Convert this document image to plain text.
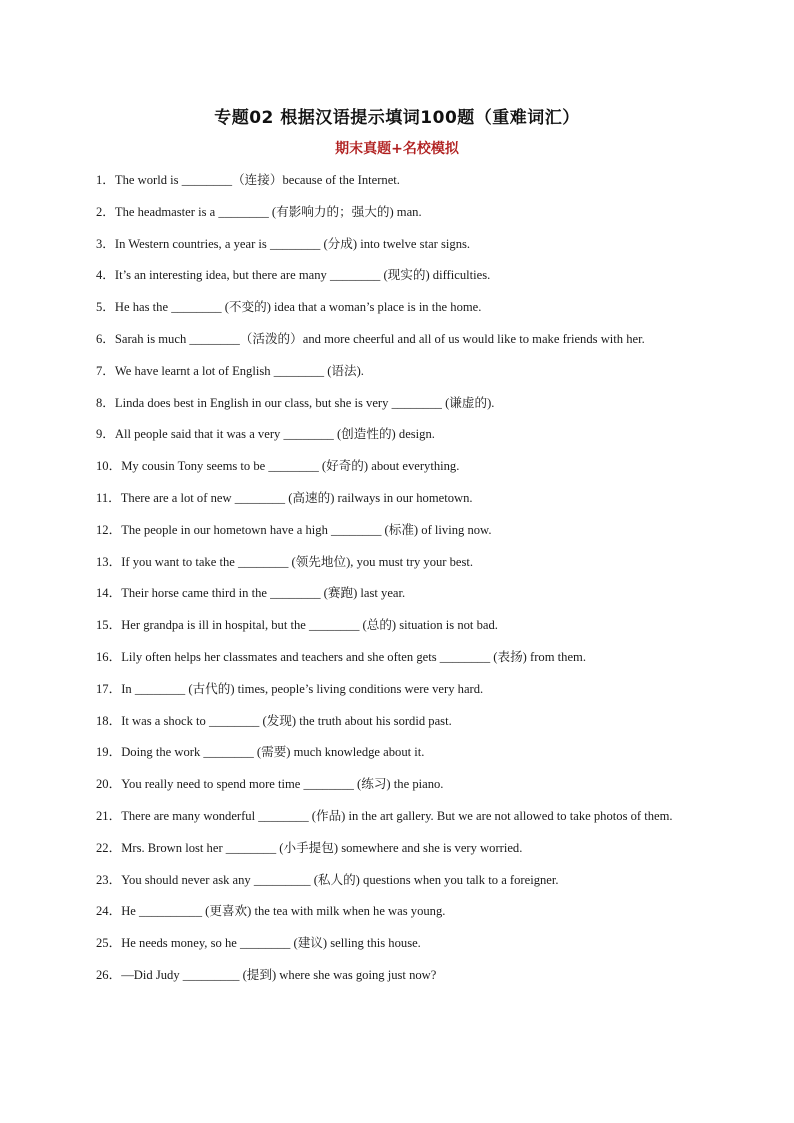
专题02 根据汉语提示填词100题（重难词汇）
期末真题+名校模拟
1．The world is ________（连接）because of the Internet.
2．The headmaster is a ________ (有影响力的；强大的) man.
3．In Western countries, a year is ________ (分成) into twelve star signs.
4．It’s an interesting idea, but there are many ________ (现实的) difficulties.
5．He has the ________ (不变的) idea that a woman’s place is in the home.
6．Sarah is much ________（活泼的）and more cheerful and all of us would like to make friends with her.
7．We have learnt a lot of English ________ (语法).
8．Linda does best in English in our class, but she is very ________ (谦虚的).
9．All people said that it was a very ________ (创造性的) design.
10．My cousin Tony seems to be ________ (好奇的) about everything.
11．There are a lot of new ________ (高速的) railways in our hometown.
12．The people in our hometown have a high ________ (标准) of living now.
13．If you want to take the ________ (领先地位), you must try your best.
14．Their horse came third in the ________ (赛跑) last year.
15．Her grandpa is ill in hospital, but the ________ (总的) situation is not bad.
16．Lily often helps her classmates and teachers and she often gets ________ (表扬) from them.
17．In ________ (古代的) times, people’s living conditions were very hard.
18．It was a shock to ________ (发现) the truth about his sordid past.
19．Doing the work ________ (需要) much knowledge about it.
20．You really need to spend more time ________ (练习) the piano.
21．There are many wonderful ________ (作品) in the art gallery. But we are not allowed to take photos of them.
22．Mrs. Brown lost her ________ (小手提包) somewhere and she is very worried.
23．You should never ask any _________ (私人的) questions when you talk to a foreigner.
24．He __________ (更喜欢) the tea with milk when he was young.
25．He needs money, so he ________ (建议) selling this house.
26．—Did Judy _________ (提到) where she was going just now?
